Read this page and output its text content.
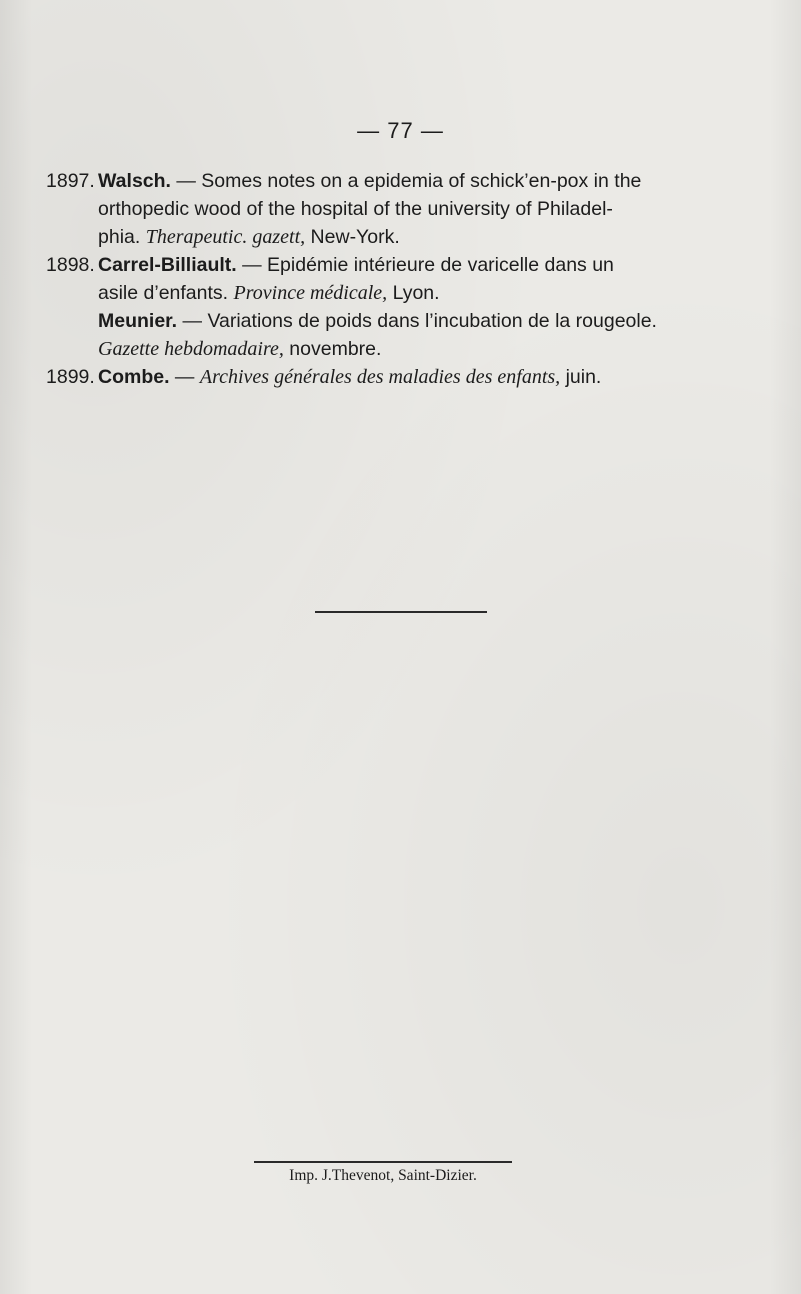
— 77 —
1897. Walsch. — Somes notes on a epidemia of schick’en-pox in the
orthopedic wood of the hospital of the university of Philadel-
phia. Therapeutic. gazett, New-York.
1898. Carrel-Billiault. — Epidémie intérieure de varicelle dans un
asile d’enfants. Province médicale, Lyon.
Meunier. — Variations de poids dans l’incubation de la rougeole.
Gazette hebdomadaire, novembre.
1899. Combe. — Archives générales des maladies des enfants, juin.
Imp. J.Thevenot, Saint-Dizier.
